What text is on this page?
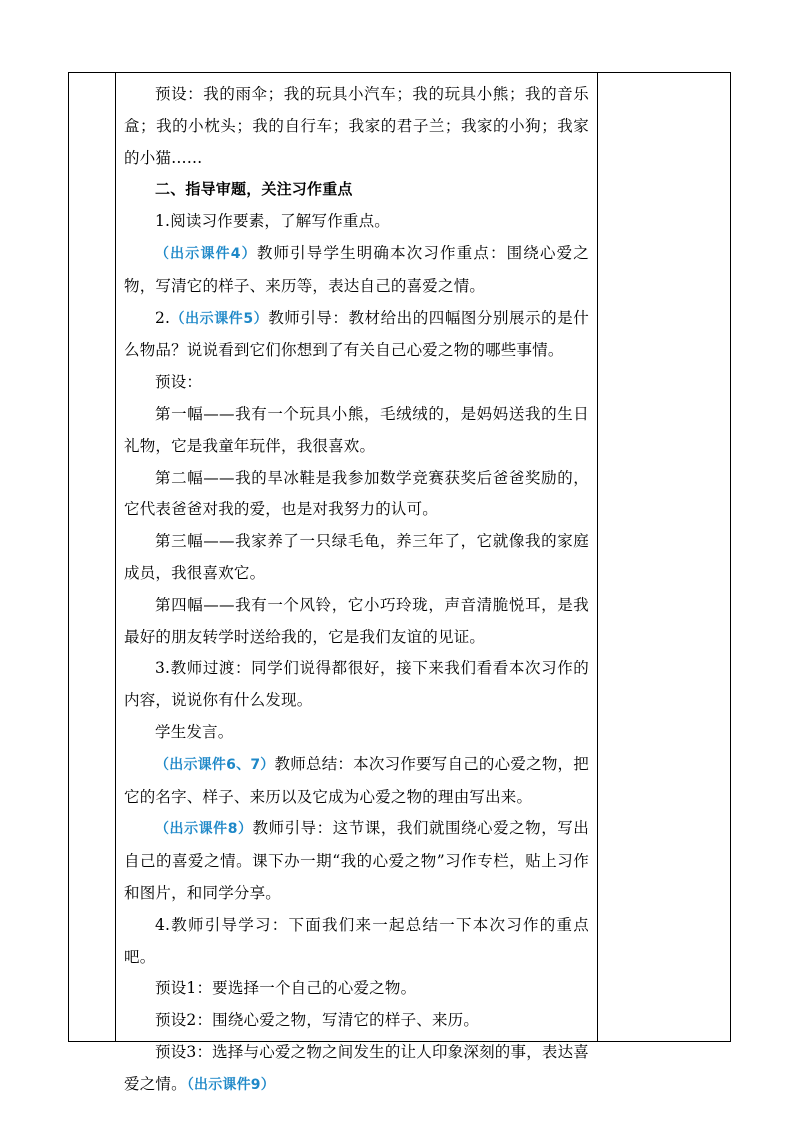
预设：我的雨伞；我的玩具小汽车；我的玩具小熊；我的音乐盒；我的小枕头；我的自行车；我家的君子兰；我家的小狗；我家的小猫……

二、指导审题，关注习作重点

1.阅读习作要素，了解写作重点。

（出示课件4）教师引导学生明确本次习作重点：围绕心爱之物，写清它的样子、来历等，表达自己的喜爱之情。

2.（出示课件5）教师引导：教材给出的四幅图分别展示的是什么物品？说说看到它们你想到了有关自己心爱之物的哪些事情。

预设：

第一幅——我有一个玩具小熊，毛绒绒的，是妈妈送我的生日礼物，它是我童年玩伴，我很喜欢。

第二幅——我的旱冰鞋是我参加数学竞赛获奖后爸爸奖励的，它代表爸爸对我的爱，也是对我努力的认可。

第三幅——我家养了一只绿毛龟，养三年了，它就像我的家庭成员，我很喜欢它。

第四幅——我有一个风铃，它小巧玲珑，声音清脆悦耳，是我最好的朋友转学时送给我的，它是我们友谊的见证。

3.教师过渡：同学们说得都很好，接下来我们看看本次习作的内容，说说你有什么发现。

学生发言。

（出示课件6、7）教师总结：本次习作要写自己的心爱之物，把它的名字、样子、来历以及它成为心爱之物的理由写出来。

（出示课件8）教师引导：这节课，我们就围绕心爱之物，写出自己的喜爱之情。课下办一期“我的心爱之物”习作专栏，贴上习作和图片，和同学分享。

4.教师引导学习：下面我们来一起总结一下本次习作的重点吧。

预设1：要选择一个自己的心爱之物。

预设2：围绕心爱之物，写清它的样子、来历。

预设3：选择与心爱之物之间发生的让人印象深刻的事，表达喜爱之情。（出示课件9）
